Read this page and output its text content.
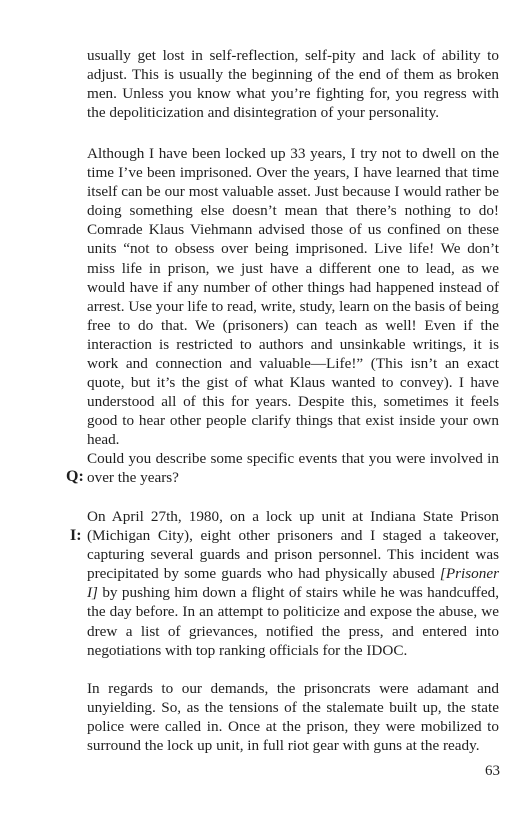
usually get lost in self-reflection, self-pity and lack of ability to adjust. This is usually the beginning of the end of them as broken men. Unless you know what you’re fighting for, you regress with the depoliticization and disintegration of your personality.

Although I have been locked up 33 years, I try not to dwell on the time I’ve been imprisoned. Over the years, I have learned that time itself can be our most valuable asset. Just because I would rather be doing something else doesn’t mean that there’s nothing to do! Comrade Klaus Viehmann advised those of us confined on these units “not to obsess over being imprisoned. Live life! We don’t miss life in prison, we just have a different one to lead, as we would have if any number of other things had happened instead of arrest. Use your life to read, write, study, learn on the basis of being free to do that. We (prisoners) can teach as well! Even if the interaction is restricted to authors and unsinkable writings, it is work and connection and valuable—Life!” (This isn’t an exact quote, but it’s the gist of what Klaus wanted to convey). I have understood all of this for years. Despite this, sometimes it feels good to hear other people clarify things that exist inside your own head.

Q:

Could you describe some specific events that you were involved in over the years?

I:

On April 27th, 1980, on a lock up unit at Indiana State Prison (Michigan City), eight other prisoners and I staged a takeover, capturing several guards and prison personnel. This incident was precipitated by some guards who had physically abused [Prisoner I] by pushing him down a flight of stairs while he was handcuffed, the day before. In an attempt to politicize and expose the abuse, we drew a list of grievances, notified the press, and entered into negotiations with top ranking officials for the IDOC.

In regards to our demands, the prisoncrats were adamant and unyielding. So, as the tensions of the stalemate built up, the state police were called in. Once at the prison, they were mobilized to surround the lock up unit, in full riot gear with guns at the ready.

63
